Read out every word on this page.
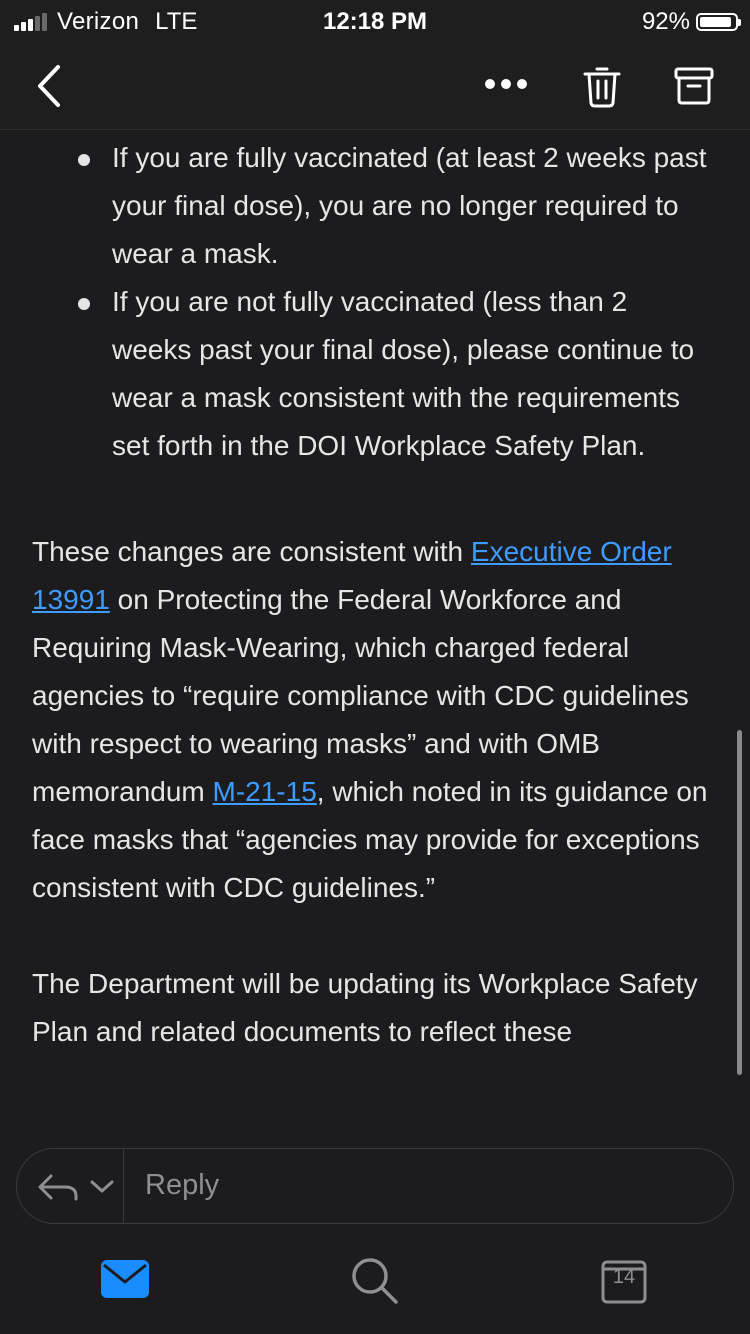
Verizon LTE	12:18 PM	92%
If you are fully vaccinated (at least 2 weeks past your final dose), you are no longer required to wear a mask.
If you are not fully vaccinated (less than 2 weeks past your final dose), please continue to wear a mask consistent with the requirements set forth in the DOI Workplace Safety Plan.

These changes are consistent with Executive Order 13991 on Protecting the Federal Workforce and Requiring Mask-Wearing, which charged federal agencies to “require compliance with CDC guidelines with respect to wearing masks” and with OMB memorandum M-21-15, which noted in its guidance on face masks that “agencies may provide for exceptions consistent with CDC guidelines.”

The Department will be updating its Workplace Safety Plan and related documents to reflect these

Reply
14
